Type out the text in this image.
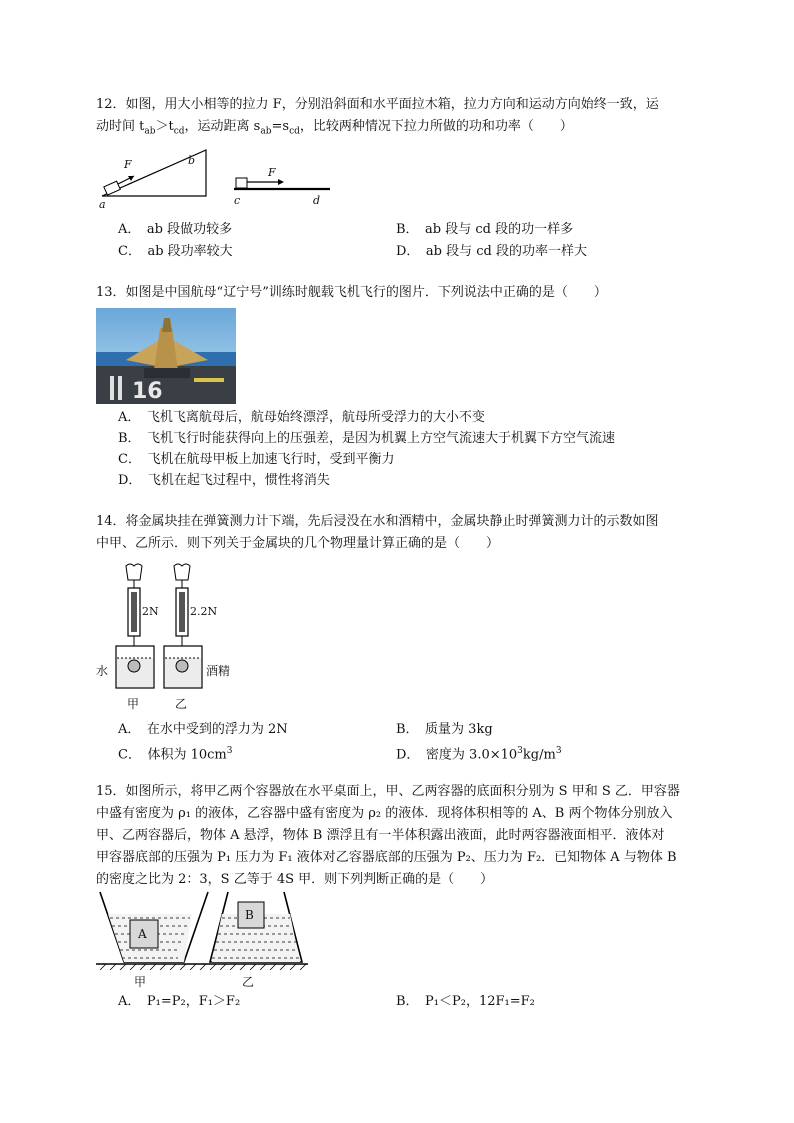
12．如图，用大小相等的拉力 F，分别沿斜面和水平面拉木箱，拉力方向和运动方向始终一致，运
动时间 $t_{ab}>t_{cd}$，运动距离 $s_{ab}=s_{cd}$，比较两种情况下拉力所做的功和功率（　　）
F
a
b
F
c	d
A．　ab 段做功较多	B．　ab 段与 cd 段的功一样多
C．　ab 段功率较大	D．　ab 段与 cd 段的功率一样大
13．如图是中国航母“辽宁号”训练时舰载飞机飞行的图片．下列说法中正确的是（　　）
16
A．　飞机飞离航母后，航母始终漂浮，航母所受浮力的大小不变
B．　飞机飞行时能获得向上的压强差，是因为机翼上方空气流速大于机翼下方空气流速
C．　飞机在航母甲板上加速飞行时，受到平衡力
D．　飞机在起飞过程中，惯性将消失
14．将金属块挂在弹簧测力计下端，先后浸没在水和酒精中，金属块静止时弹簧测力计的示数如图
中甲、乙所示．则下列关于金属块的几个物理量计算正确的是（　　）
2N	2.2N
水	酒精
甲	乙
A．　在水中受到的浮力为 2N	B．　质量为 3kg
C．　体积为 $10cm^3$	D．　密度为 $3.0\times 10^3kg/m^3$
15．如图所示，将甲乙两个容器放在水平桌面上，甲、乙两容器的底面积分别为 S 甲和 S 乙．甲容器
中盛有密度为 ρ₁ 的液体，乙容器中盛有密度为 ρ₂ 的液体．现将体积相等的 A、B 两个物体分别放入
甲、乙两容器后，物体 A 悬浮，物体 B 漂浮且有一半体积露出液面，此时两容器液面相平．液体对
甲容器底部的压强为 P₁ 压力为 F₁ 液体对乙容器底部的压强为 P₂、压力为 F₂．已知物体 A 与物体 B
的密度之比为 2：3，S 乙等于 4S 甲．则下列判断正确的是（　　）
A
B
甲	乙
A．　P₁=P₂，F₁＞F₂	B．　P₁＜P₂，12F₁=F₂
